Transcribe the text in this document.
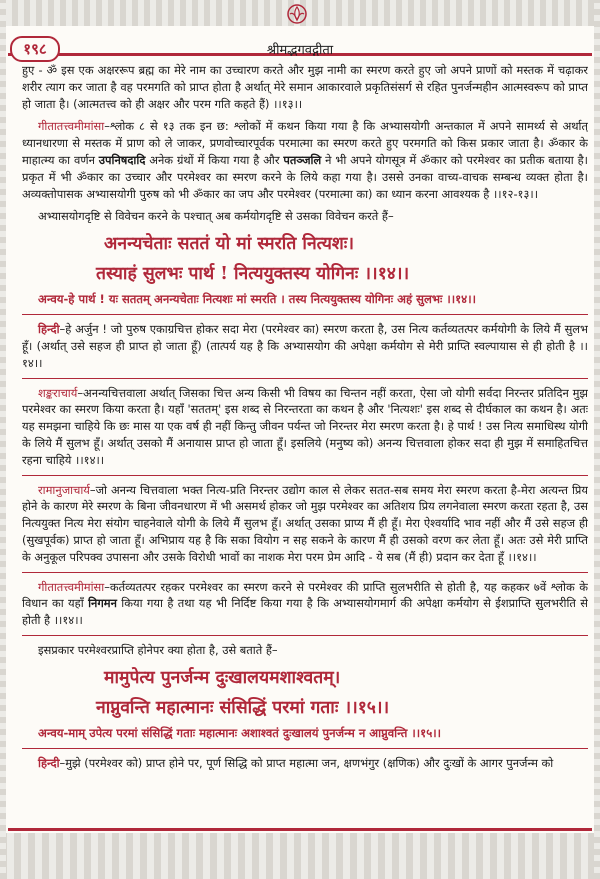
१९८	श्रीमद्भगवद्गीता

हुए - ॐ इस एक अक्षररूप ब्रह्म का मेरे नाम का उच्चारण करते और मुझ नामी का स्मरण करते हुए जो अपने प्राणों को मस्तक में चढ़ाकर शरीर त्याग कर जाता है वह परमगति को प्राप्त होता है अर्थात् मेरे समान आकारवाले प्रकृतिसंसर्ग से रहित पुनर्जन्महीन आत्मस्वरूप को प्राप्त हो जाता है। (आत्मतत्त्व को ही अक्षर और परम गति कहते हैं) ।।१३।।

गीतातत्त्वमीमांसा–श्लोक ८ से १३ तक इन छ: श्लोकों में कथन किया गया है कि अभ्यासयोगी अन्तकाल में अपने सामर्थ्य से अर्थात् ध्यानधारणा से मस्तक में प्राण को ले जाकर, प्रणवोच्चारपूर्वक परमात्मा का स्मरण करते हुए परमगति को किस प्रकार जाता है। ॐकार के माहात्म्य का वर्णन उपनिषदादि अनेक ग्रंथों में किया गया है और पतञ्जलि ने भी अपने योगसूत्र में ॐकार को परमेश्वर का प्रतीक बताया है। प्रकृत में भी ॐकार का उच्चार और परमेश्वर का स्मरण करने के लिये कहा गया है। उससे उनका वाच्य-वाचक सम्बन्ध व्यक्त होता है। अव्यक्तोपासक अभ्यासयोगी पुरुष को भी ॐकार का जप और परमेश्वर (परमात्मा का) का ध्यान करना आवश्यक है ।।१२-१३।।

अभ्यासयोगदृष्टि से विवेचन करने के पश्चात् अब कर्मयोगदृष्टि से उसका विवेचन करते हैं–

अनन्यचेताः सततं यो मां स्मरति नित्यशः।
तस्याहं सुलभः पार्थ ! नित्ययुक्तस्य योगिनः ।।१४।।
अन्वय-हे पार्थ ! यः सततम् अनन्यचेताः नित्यशः मां स्मरति । तस्य नित्ययुक्तस्य योगिनः अहं सुलभः ।।१४।।

हिन्दी–हे अर्जुन ! जो पुरुष एकाग्रचित्त होकर सदा मेरा (परमेश्वर का) स्मरण करता है, उस नित्य कर्तव्यतत्पर कर्मयोगी के लिये मैं सुलभ हूँ। (अर्थात् उसे सहज ही प्राप्त हो जाता हूँ) (तात्पर्य यह है कि अभ्यासयोग की अपेक्षा कर्मयोग से मेरी प्राप्ति स्वल्पायास से ही होती है ।।१४।।

शङ्कराचार्य–अनन्यचित्तवाला अर्थात् जिसका चित्त अन्य किसी भी विषय का चिन्तन नहीं करता, ऐसा जो योगी सर्वदा निरन्तर प्रतिदिन मुझ परमेश्वर का स्मरण किया करता है। यहाँ 'सततम्' इस शब्द से निरन्तरता का कथन है और 'नित्यशः' इस शब्द से दीर्घकाल का कथन है। अतः यह समझना चाहिये कि छः मास या एक वर्ष ही नहीं किन्तु जीवन पर्यन्त जो निरन्तर मेरा स्मरण करता है। हे पार्थ ! उस नित्य समाधिस्थ योगी के लिये मैं सुलभ हूँ। अर्थात् उसको मैं अनायास प्राप्त हो जाता हूँ। इसलिये (मनुष्य को) अनन्य चित्तवाला होकर सदा ही मुझ में समाहितचित्त रहना चाहिये ।।१४।।

रामानुजाचार्य–जो अनन्य चित्तवाला भक्त नित्य-प्रति निरन्तर उद्योग काल से लेकर सतत-सब समय मेरा स्मरण करता है-मेरा अत्यन्त प्रिय होने के कारण मेरे स्मरण के बिना जीवनधारण में भी असमर्थ होकर जो मुझ परमेश्वर का अतिशय प्रिय लगनेवाला स्मरण करता रहता है, उस नित्ययुक्त नित्य मेरा संयोग चाहनेवाले योगी के लिये मैं सुलभ हूँ। अर्थात् उसका प्राप्य मैं ही हूँ। मेरा ऐश्वर्यादि भाव नहीं और मैं उसे सहज ही (सुखपूर्वक) प्राप्त हो जाता हूँ। अभिप्राय यह है कि सका वियोग न सह सकने के कारण मैं ही उसको वरण कर लेता हूँ। अतः उसे मेरी प्राप्ति के अनुकूल परिपक्व उपासना और उसके विरोधी भावों का नाशक मेरा परम प्रेम आदि - ये सब (मैं ही) प्रदान कर देता हूँ ।।१४।।

गीतातत्त्वमीमांसा–कर्तव्यतत्पर रहकर परमेश्वर का स्मरण करने से परमेश्वर की प्राप्ति सुलभरीति से होती है, यह कहकर ७वें श्लोक के विधान का यहाँ निगमन किया गया है तथा यह भी निर्दिष्ट किया गया है कि अभ्यासयोगमार्ग की अपेक्षा कर्मयोग से ईशप्राप्ति सुलभरीति से होती है ।।१४।।

इसप्रकार परमेश्वरप्राप्ति होनेपर क्या होता है, उसे बताते हैं–

मामुपेत्य पुनर्जन्म दुःखालयमशाश्वतम्।
नाप्नुवन्ति महात्मानः संसिद्धिं परमां गताः ।।१५।।
अन्वय-माम् उपेत्य परमां संसिद्धिं गताः महात्मानः अशाश्वतं दुःखालयं पुनर्जन्म न आप्नुवन्ति ।।१५।।

हिन्दी–मुझे (परमेश्वर को) प्राप्त होने पर, पूर्ण सिद्धि को प्राप्त महात्मा जन, क्षणभंगुर (क्षणिक) और दुःखों के आगर पुनर्जन्म को
